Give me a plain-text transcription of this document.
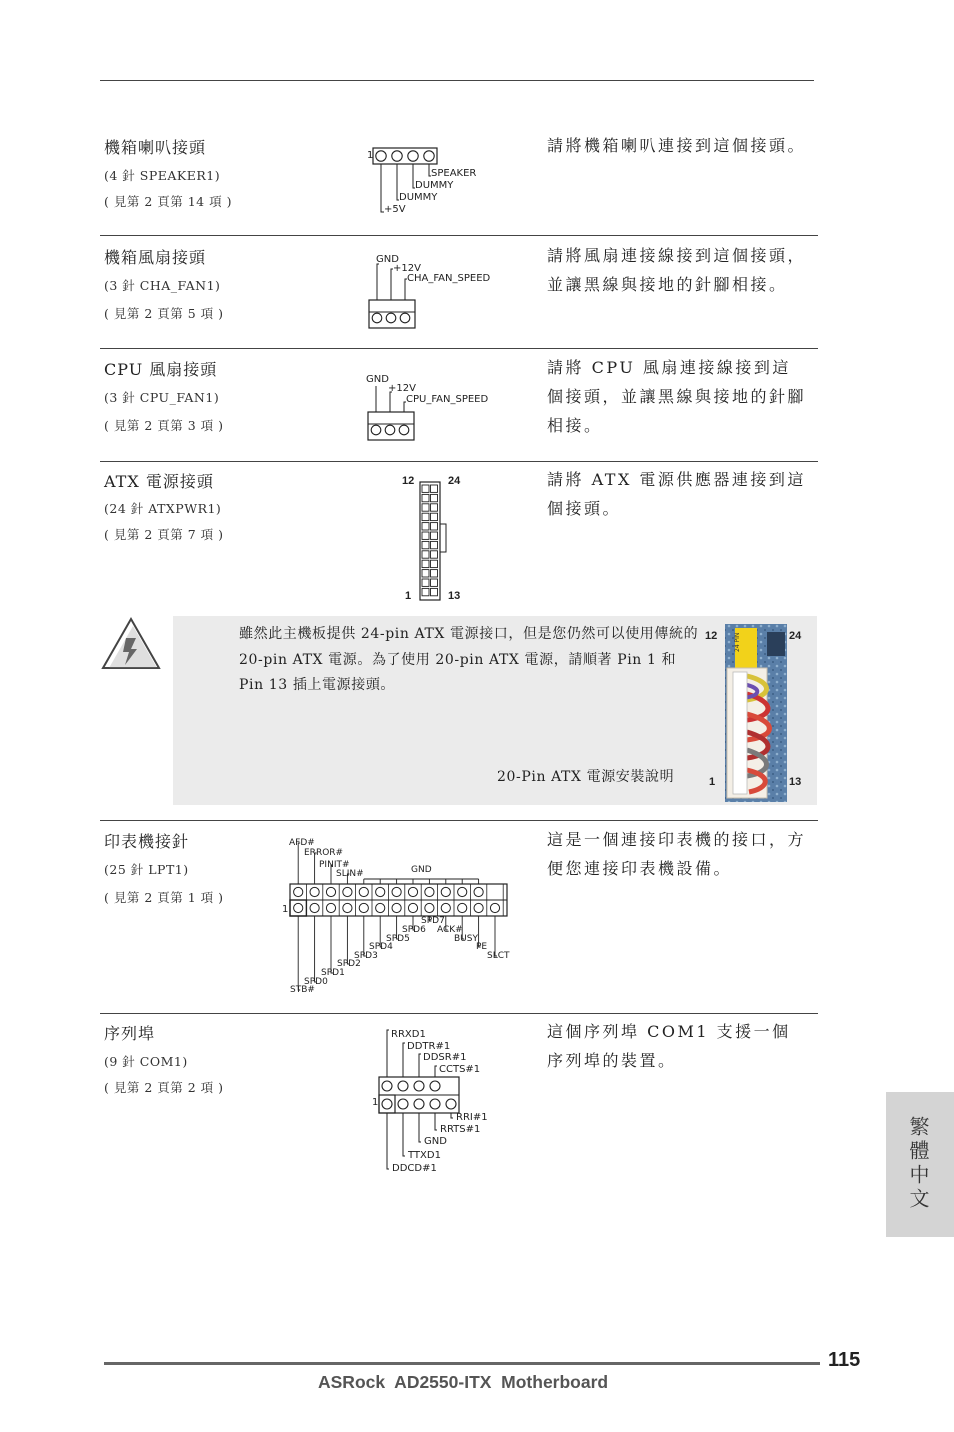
機箱喇叭接頭
(4 針 SPEAKER1)
( 見第 2 頁第 14 項 )
請將機箱喇叭連接到這個接頭。
1
SPEAKER
DUMMY
DUMMY
+5V
機箱風扇接頭
(3 針 CHA_FAN1)
( 見第 2 頁第 5 項 )
請將風扇連接線接到這個接頭，並讓黑線與接地的針腳相接。
GND
+12V
CHA_FAN_SPEED
CPU 風扇接頭
(3 針 CPU_FAN1)
( 見第 2 頁第 3 項 )
請將 CPU 風扇連接線接到這個接頭，並讓黑線與接地的針腳相接。
GND
+12V
CPU_FAN_SPEED
ATX 電源接頭
(24 針 ATXPWR1)
( 見第 2 頁第 7 項 )
請將 ATX 電源供應器連接到這個接頭。
12	24
1	13
雖然此主機板提供 24-pin ATX 電源接口，但是您仍然可以使用傳統的 20-pin ATX 電源。為了使用 20-pin ATX 電源，請順著 Pin 1 和 Pin 13 插上電源接頭。
20-Pin ATX 電源安裝說明
12	24
1	13
24 PIN
印表機接針
(25 針 LPT1)
( 見第 2 頁第 1 項 )
這是一個連接印表機的接口，方便您連接印表機設備。
1
AFD#
ERROR#
PINIT#
SLIN#	GND
SPD7
SPD6 ACK#
SPD5	BUSY
SPD4	PE
SPD3	SLCT
SPD2
SPD1
SPD0
STB#
序列埠
(9 針 COM1)
( 見第 2 頁第 2 項 )
這個序列埠 COM1 支援一個序列埠的裝置。
1
RRXD1
DDTR#1
DDSR#1
CCTS#1
RRI#1
RRTS#1
GND
TTXD1
DDCD#1	繁體中文
115
ASRock  AD2550-ITX  Motherboard
